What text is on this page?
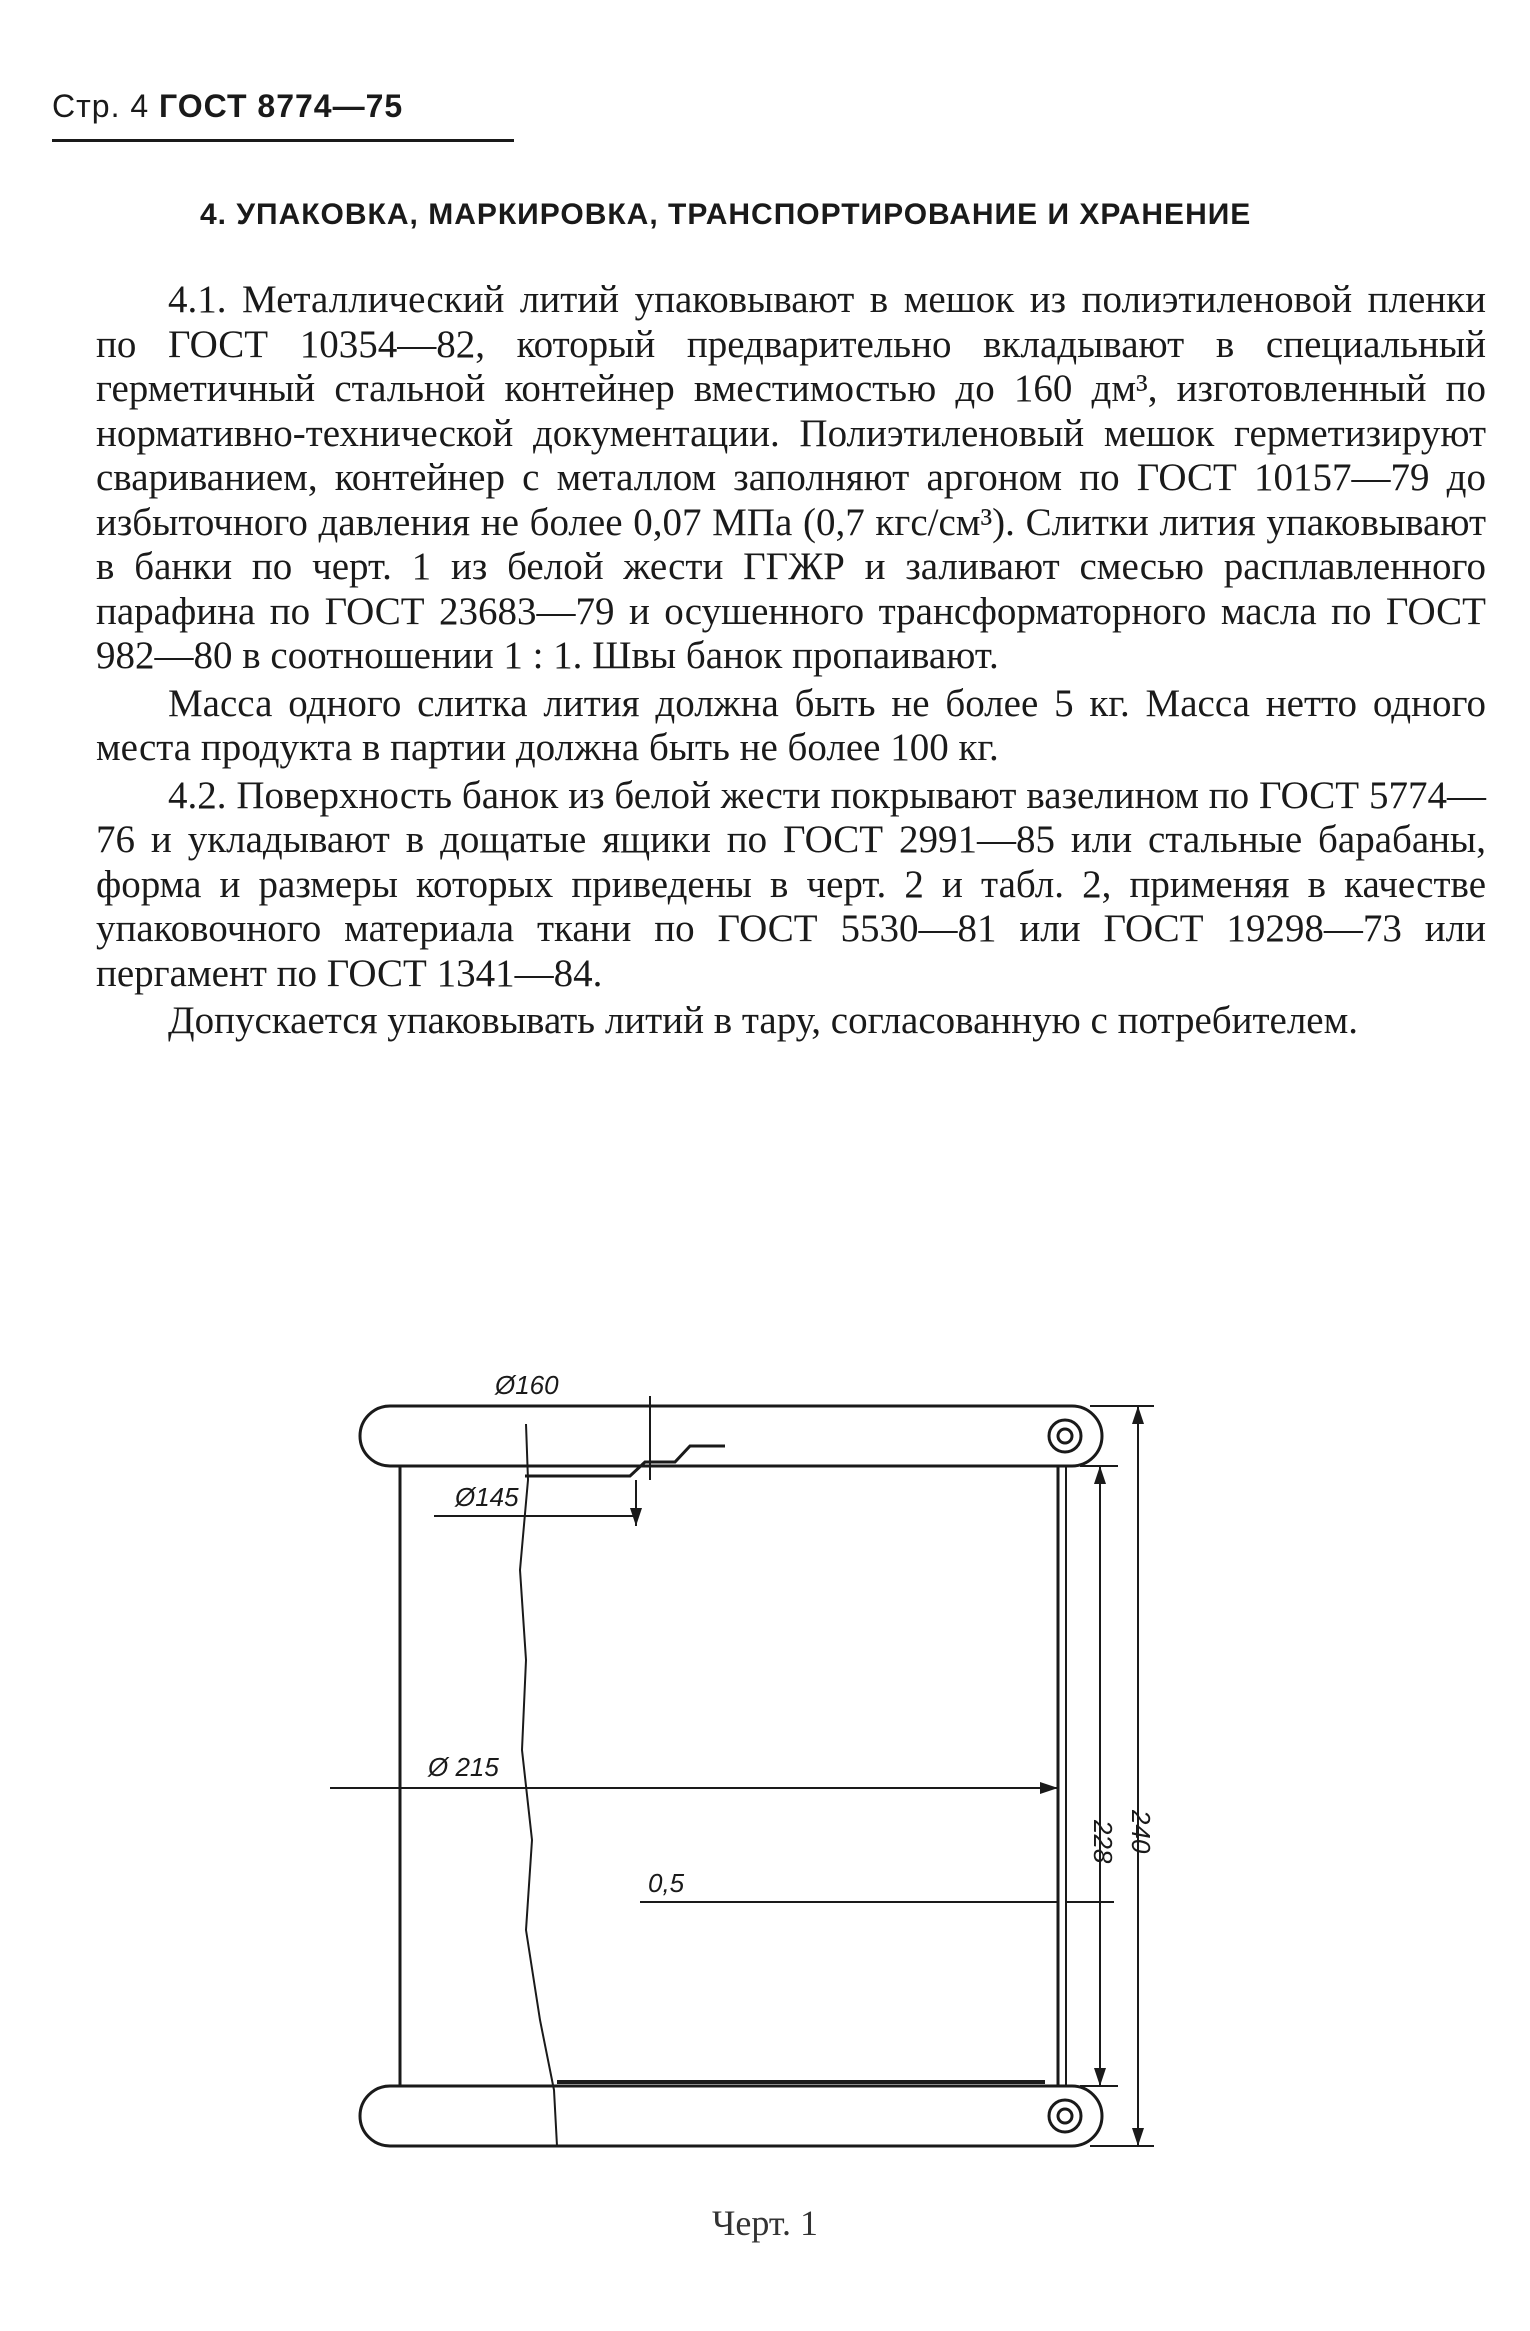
Стр. 4 ГОСТ 8774—75
4. УПАКОВКА, МАРКИРОВКА, ТРАНСПОРТИРОВАНИЕ И ХРАНЕНИЕ

4.1. Металлический литий упаковывают в мешок из полиэтиленовой пленки по ГОСТ 10354—82, который предварительно вкладывают в специальный герметичный стальной контейнер вместимостью до 160 дм³, изготовленный по нормативно-технической документации. Полиэтиленовый мешок герметизируют свариванием, контейнер с металлом заполняют аргоном по ГОСТ 10157—79 до избыточного давления не более 0,07 МПа (0,7 кгс/см³). Слитки лития упаковывают в банки по черт. 1 из белой жести ГГЖР и заливают смесью расплавленного парафина по ГОСТ 23683—79 и осушенного трансформаторного масла по ГОСТ 982—80 в соотношении 1 : 1. Швы банок пропаивают.

Масса одного слитка лития должна быть не более 5 кг. Масса нетто одного места продукта в партии должна быть не более 100 кг.

4.2. Поверхность банок из белой жести покрывают вазелином по ГОСТ 5774—76 и укладывают в дощатые ящики по ГОСТ 2991—85 или стальные барабаны, форма и размеры которых приведены в черт. 2 и табл. 2, применяя в качестве упаковочного материала ткани по ГОСТ 5530—81 или ГОСТ 19298—73 или пергамент по ГОСТ 1341—84.

Допускается упаковывать литий в тару, согласованную с потребителем.

Ø160
Ø145
Ø 215
0,5
228 240
Черт. 1
